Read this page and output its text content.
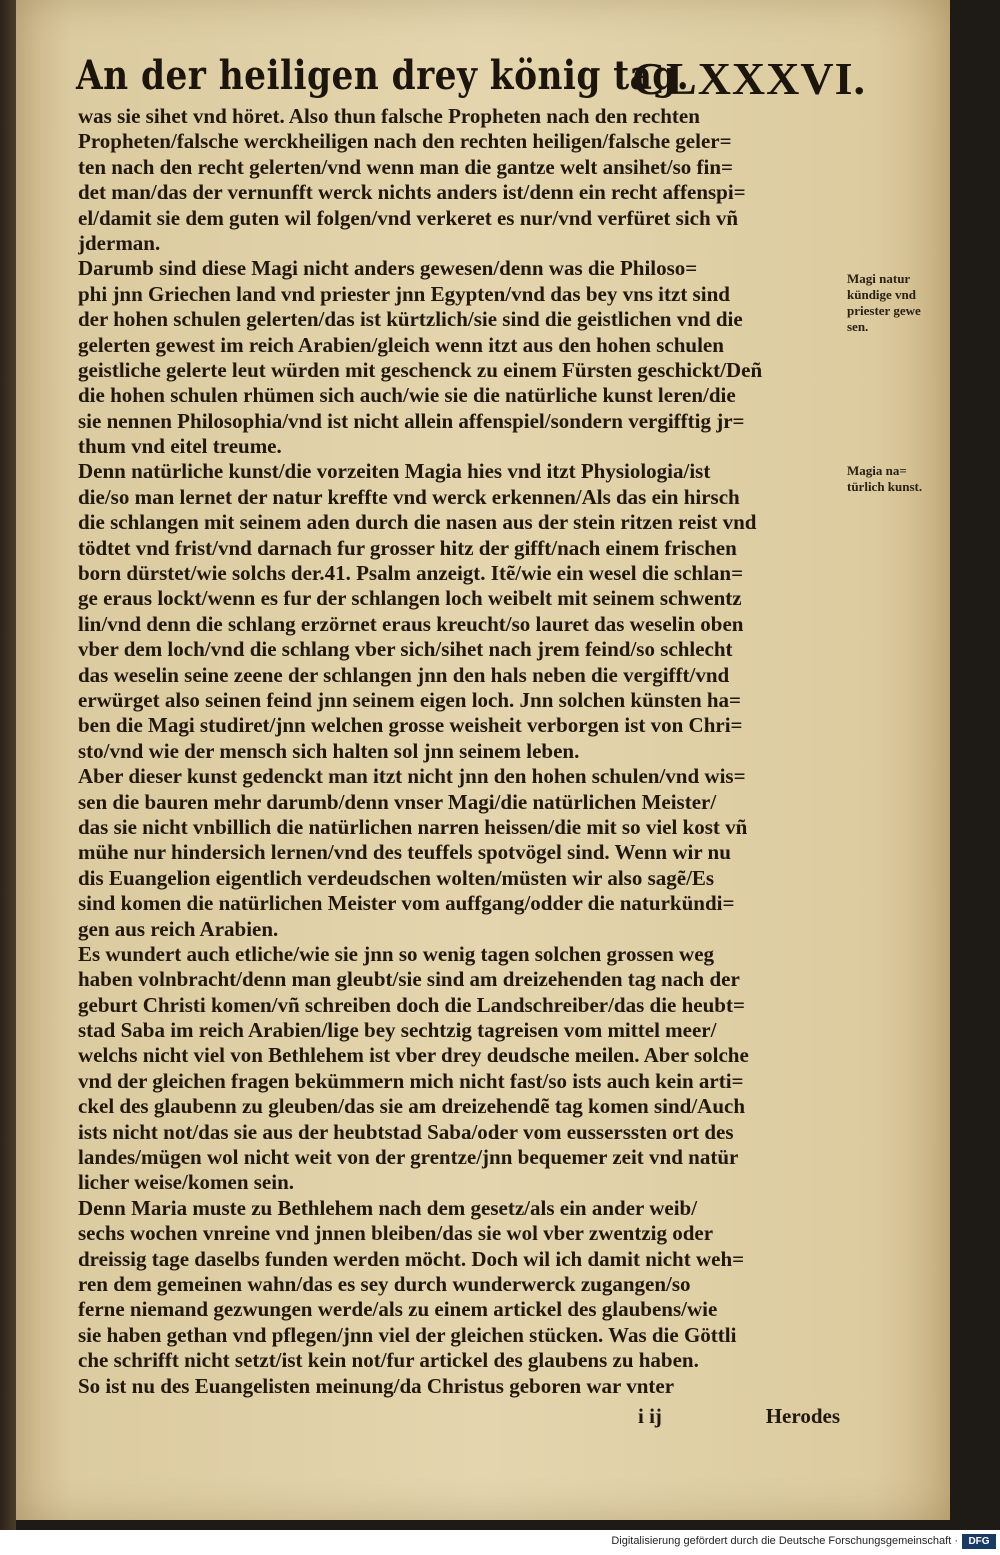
An der heiligen drey könig tag.
CLXXXVI.
was sie sihet vnd höret. Also thun falsche Propheten nach den rechten
Propheten/falsche werckheiligen nach den rechten heiligen/falsche geler=
ten nach den recht gelerten/vnd wenn man die gantze welt ansihet/so fin=
det man/das der vernunfft werck nichts anders ist/denn ein recht affenspi=
el/damit sie dem guten wil folgen/vnd verkeret es nur/vnd verfüret sich vñ
jderman.
Darumb sind diese Magi nicht anders gewesen/denn was die Philoso=
phi jnn Griechen land vnd priester jnn Egypten/vnd das bey vns itzt sind
der hohen schulen gelerten/das ist kürtzlich/sie sind die geistlichen vnd die
gelerten gewest im reich Arabien/gleich wenn itzt aus den hohen schulen
geistliche gelerte leut würden mit geschenck zu einem Fürsten geschickt/Deñ
die hohen schulen rhümen sich auch/wie sie die natürliche kunst leren/die
sie nennen Philosophia/vnd ist nicht allein affenspiel/sondern vergifftig jr=
thum vnd eitel treume.
Denn natürliche kunst/die vorzeiten Magia hies vnd itzt Physiologia/ist
die/so man lernet der natur kreffte vnd werck erkennen/Als das ein hirsch
die schlangen mit seinem aden durch die nasen aus der stein ritzen reist vnd
tödtet vnd frist/vnd darnach fur grosser hitz der gifft/nach einem frischen
born dürstet/wie solchs der.41. Psalm anzeigt. Itẽ/wie ein wesel die schlan=
ge eraus lockt/wenn es fur der schlangen loch weibelt mit seinem schwentz
lin/vnd denn die schlang erzörnet eraus kreucht/so lauret das weselin oben
vber dem loch/vnd die schlang vber sich/sihet nach jrem feind/so schlecht
das weselin seine zeene der schlangen jnn den hals neben die vergifft/vnd
erwürget also seinen feind jnn seinem eigen loch. Jnn solchen künsten ha=
ben die Magi studiret/jnn welchen grosse weisheit verborgen ist von Chri=
sto/vnd wie der mensch sich halten sol jnn seinem leben.
Aber dieser kunst gedenckt man itzt nicht jnn den hohen schulen/vnd wis=
sen die bauren mehr darumb/denn vnser Magi/die natürlichen Meister/
das sie nicht vnbillich die natürlichen narren heissen/die mit so viel kost vñ
mühe nur hindersich lernen/vnd des teuffels spotvögel sind. Wenn wir nu
dis Euangelion eigentlich verdeudschen wolten/müsten wir also sagẽ/Es
sind komen die natürlichen Meister vom auffgang/odder die naturkündi=
gen aus reich Arabien.
Es wundert auch etliche/wie sie jnn so wenig tagen solchen grossen weg
haben volnbracht/denn man gleubt/sie sind am dreizehenden tag nach der
geburt Christi komen/vñ schreiben doch die Landschreiber/das die heubt=
stad Saba im reich Arabien/lige bey sechtzig tagreisen vom mittel meer/
welchs nicht viel von Bethlehem ist vber drey deudsche meilen. Aber solche
vnd der gleichen fragen bekümmern mich nicht fast/so ists auch kein arti=
ckel des glaubenn zu gleuben/das sie am dreizehendẽ tag komen sind/Auch
ists nicht not/das sie aus der heubtstad Saba/oder vom eusserssten ort des
landes/mügen wol nicht weit von der grentze/jnn bequemer zeit vnd natür
licher weise/komen sein.
Denn Maria muste zu Bethlehem nach dem gesetz/als ein ander weib/
sechs wochen vnreine vnd jnnen bleiben/das sie wol vber zwentzig oder
dreissig tage daselbs funden werden möcht. Doch wil ich damit nicht weh=
ren dem gemeinen wahn/das es sey durch wunderwerck zugangen/so
ferne niemand gezwungen werde/als zu einem artickel des glaubens/wie
sie haben gethan vnd pflegen/jnn viel der gleichen stücken. Was die Göttli
che schrifft nicht setzt/ist kein not/fur artickel des glaubens zu haben.
So ist nu des Euangelisten meinung/da Christus geboren war vnter
Magi natur
kündige vnd
priester gewe
sen.
Magia na=
türlich kunst.
i ij	Herodes
Digitalisierung gefördert durch die Deutsche Forschungsgemeinschaft ·	DFG
